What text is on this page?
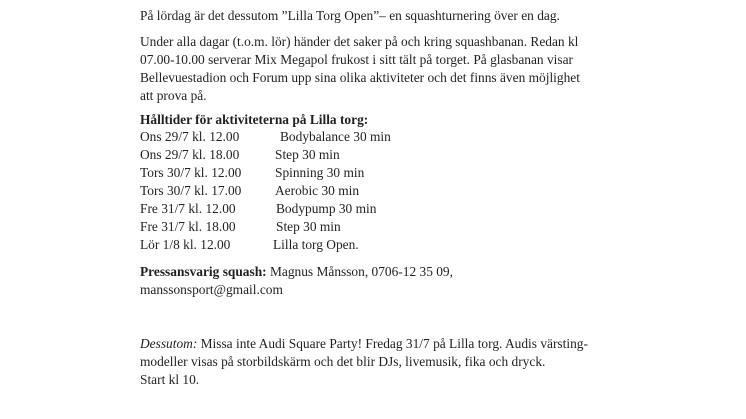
På lördag är det dessutom ”Lilla Torg Open”– en squashturnering över en dag.
Under alla dagar (t.o.m. lör) händer det saker på och kring squashbanan. Redan kl
07.00-10.00 serverar Mix Megapol frukost i sitt tält på torget. På glasbanan visar
Bellevuestadion och Forum upp sina olika aktiviteter och det finns även möjlighet
att prova på.
Hålltider för aktiviteterna på Lilla torg:
Ons 29/7 kl. 12.00	Bodybalance 30 min
Ons 29/7 kl. 18.00	Step 30 min
Tors 30/7 kl. 12.00	Spinning 30 min
Tors 30/7 kl. 17.00	Aerobic 30 min
Fre 31/7 kl. 12.00	Bodypump 30 min
Fre 31/7 kl. 18.00	Step 30 min
Lör 1/8 kl. 12.00	Lilla torg Open.
Pressansvarig squash: Magnus Månsson, 0706-12 35 09,
manssonsport@gmail.com
Dessutom: Missa inte Audi Square Party! Fredag 31/7 på Lilla torg. Audis värsting-
modeller visas på storbildskärm och det blir DJs, livemusik, fika och dryck.
Start kl 10.
